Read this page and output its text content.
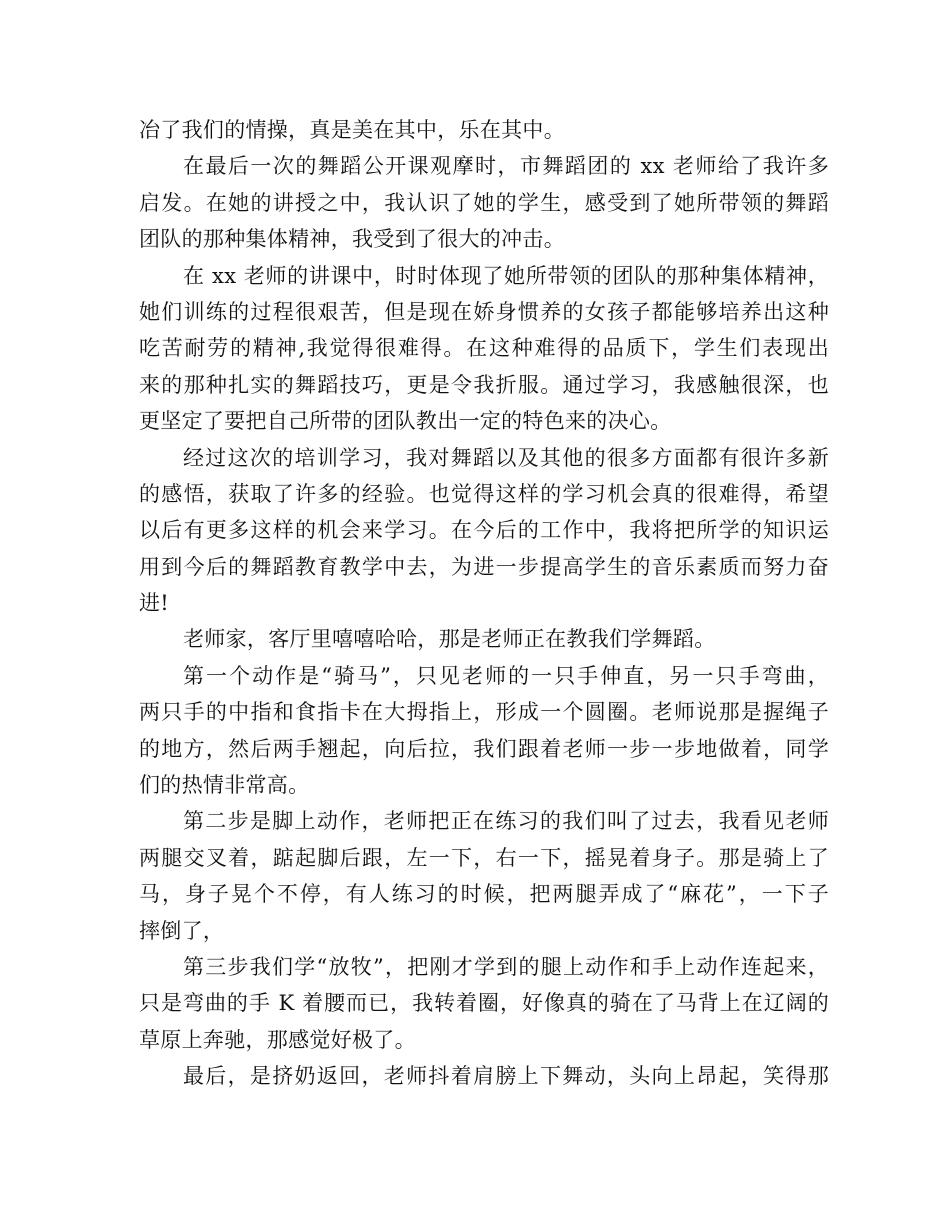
冶了我们的情操，真是美在其中，乐在其中。
在最后一次的舞蹈公开课观摩时，市舞蹈团的 xx 老师给了我许多
启发。在她的讲授之中，我认识了她的学生，感受到了她所带领的舞蹈
团队的那种集体精神，我受到了很大的冲击。
在 xx 老师的讲课中，时时体现了她所带领的团队的那种集体精神，
她们训练的过程很艰苦，但是现在娇身惯养的女孩子都能够培养出这种
吃苦耐劳的精神,我觉得很难得。在这种难得的品质下，学生们表现出
来的那种扎实的舞蹈技巧，更是令我折服。通过学习，我感触很深，也
更坚定了要把自己所带的团队教出一定的特色来的决心。
经过这次的培训学习，我对舞蹈以及其他的很多方面都有很许多新
的感悟，获取了许多的经验。也觉得这样的学习机会真的很难得，希望
以后有更多这样的机会来学习。在今后的工作中，我将把所学的知识运
用到今后的舞蹈教育教学中去，为进一步提高学生的音乐素质而努力奋
进!
老师家，客厅里嘻嘻哈哈，那是老师正在教我们学舞蹈。
第一个动作是“骑马”，只见老师的一只手伸直，另一只手弯曲，
两只手的中指和食指卡在大拇指上，形成一个圆圈。老师说那是握绳子
的地方，然后两手翘起，向后拉，我们跟着老师一步一步地做着，同学
们的热情非常高。
第二步是脚上动作，老师把正在练习的我们叫了过去，我看见老师
两腿交叉着，踮起脚后跟，左一下，右一下，摇晃着身子。那是骑上了
马，身子晃个不停，有人练习的时候，把两腿弄成了“麻花”，一下子
摔倒了，
第三步我们学“放牧”，把刚才学到的腿上动作和手上动作连起来，
只是弯曲的手 K 着腰而已，我转着圈，好像真的骑在了马背上在辽阔的
草原上奔驰，那感觉好极了。
最后，是挤奶返回，老师抖着肩膀上下舞动，头向上昂起，笑得那
